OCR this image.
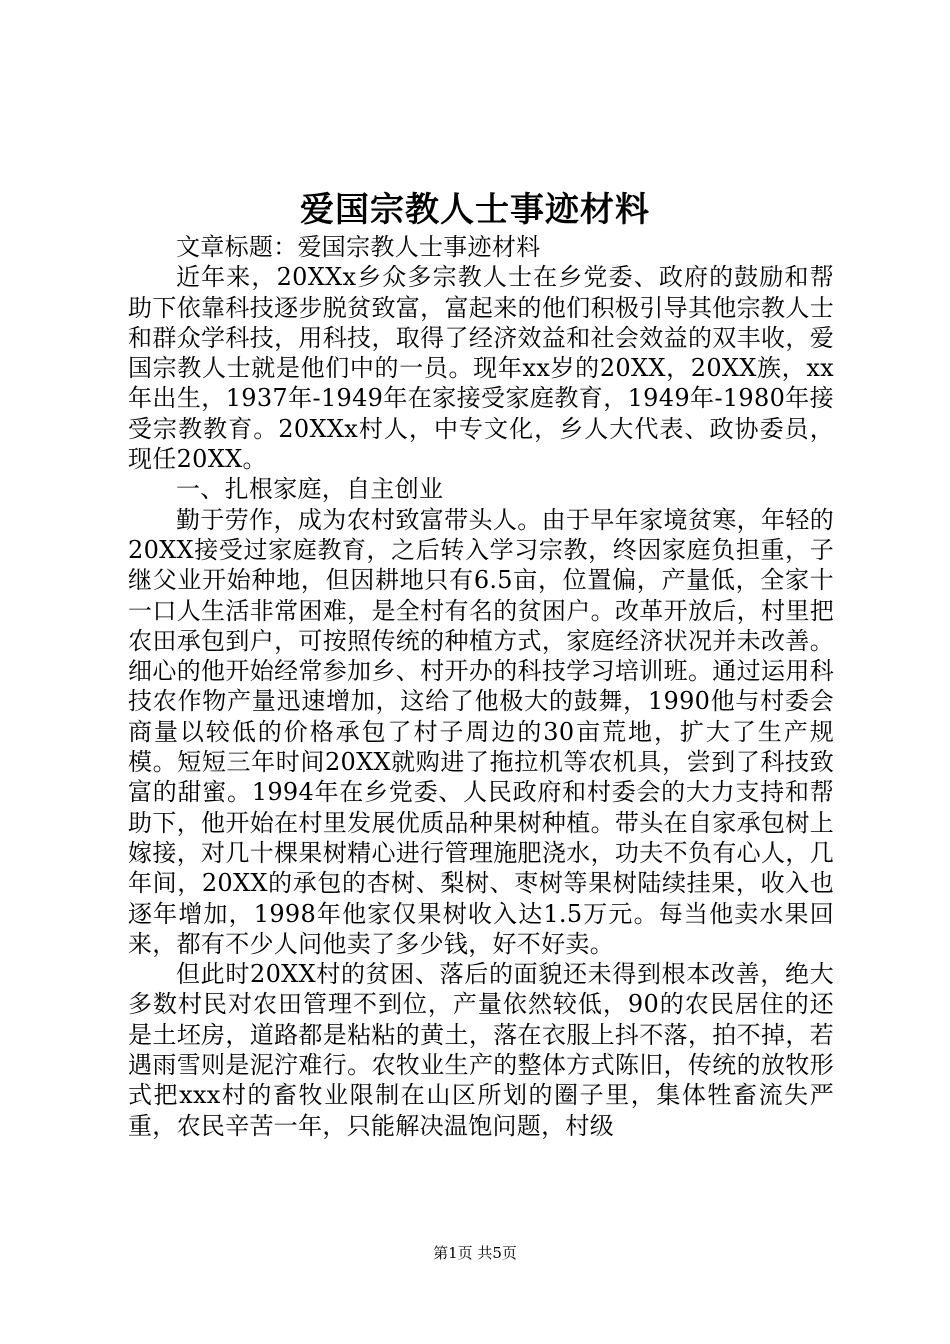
爱国宗教人士事迹材料

文章标题：爱国宗教人士事迹材料

近年来，20XXx乡众多宗教人士在乡党委、政府的鼓励和帮助下依靠科技逐步脱贫致富，富起来的他们积极引导其他宗教人士和群众学科技，用科技，取得了经济效益和社会效益的双丰收，爱国宗教人士就是他们中的一员。现年xx岁的20XX，20XX族，xx年出生，1937年-1949年在家接受家庭教育，1949年-1980年接受宗教教育。20XXx村人，中专文化，乡人大代表、政协委员，现任20XX。

一、扎根家庭，自主创业

勤于劳作，成为农村致富带头人。由于早年家境贫寒，年轻的20XX接受过家庭教育，之后转入学习宗教，终因家庭负担重，子继父业开始种地，但因耕地只有6.5亩，位置偏，产量低，全家十一口人生活非常困难，是全村有名的贫困户。改革开放后，村里把农田承包到户，可按照传统的种植方式，家庭经济状况并未改善。细心的他开始经常参加乡、村开办的科技学习培训班。通过运用科技农作物产量迅速增加，这给了他极大的鼓舞，1990他与村委会商量以较低的价格承包了村子周边的30亩荒地，扩大了生产规模。短短三年时间20XX就购进了拖拉机等农机具，尝到了科技致富的甜蜜。1994年在乡党委、人民政府和村委会的大力支持和帮助下，他开始在村里发展优质品种果树种植。带头在自家承包树上嫁接，对几十棵果树精心进行管理施肥浇水，功夫不负有心人，几年间，20XX的承包的杏树、梨树、枣树等果树陆续挂果，收入也逐年增加，1998年他家仅果树收入达1.5万元。每当他卖水果回来，都有不少人问他卖了多少钱，好不好卖。

但此时20XX村的贫困、落后的面貌还未得到根本改善，绝大多数村民对农田管理不到位，产量依然较低，90的农民居住的还是土坯房，道路都是粘粘的黄土，落在衣服上抖不落，拍不掉，若遇雨雪则是泥泞难行。农牧业生产的整体方式陈旧，传统的放牧形式把xxx村的畜牧业限制在山区所划的圈子里，集体牲畜流失严重，农民辛苦一年，只能解决温饱问题，村级

第1页 共5页
